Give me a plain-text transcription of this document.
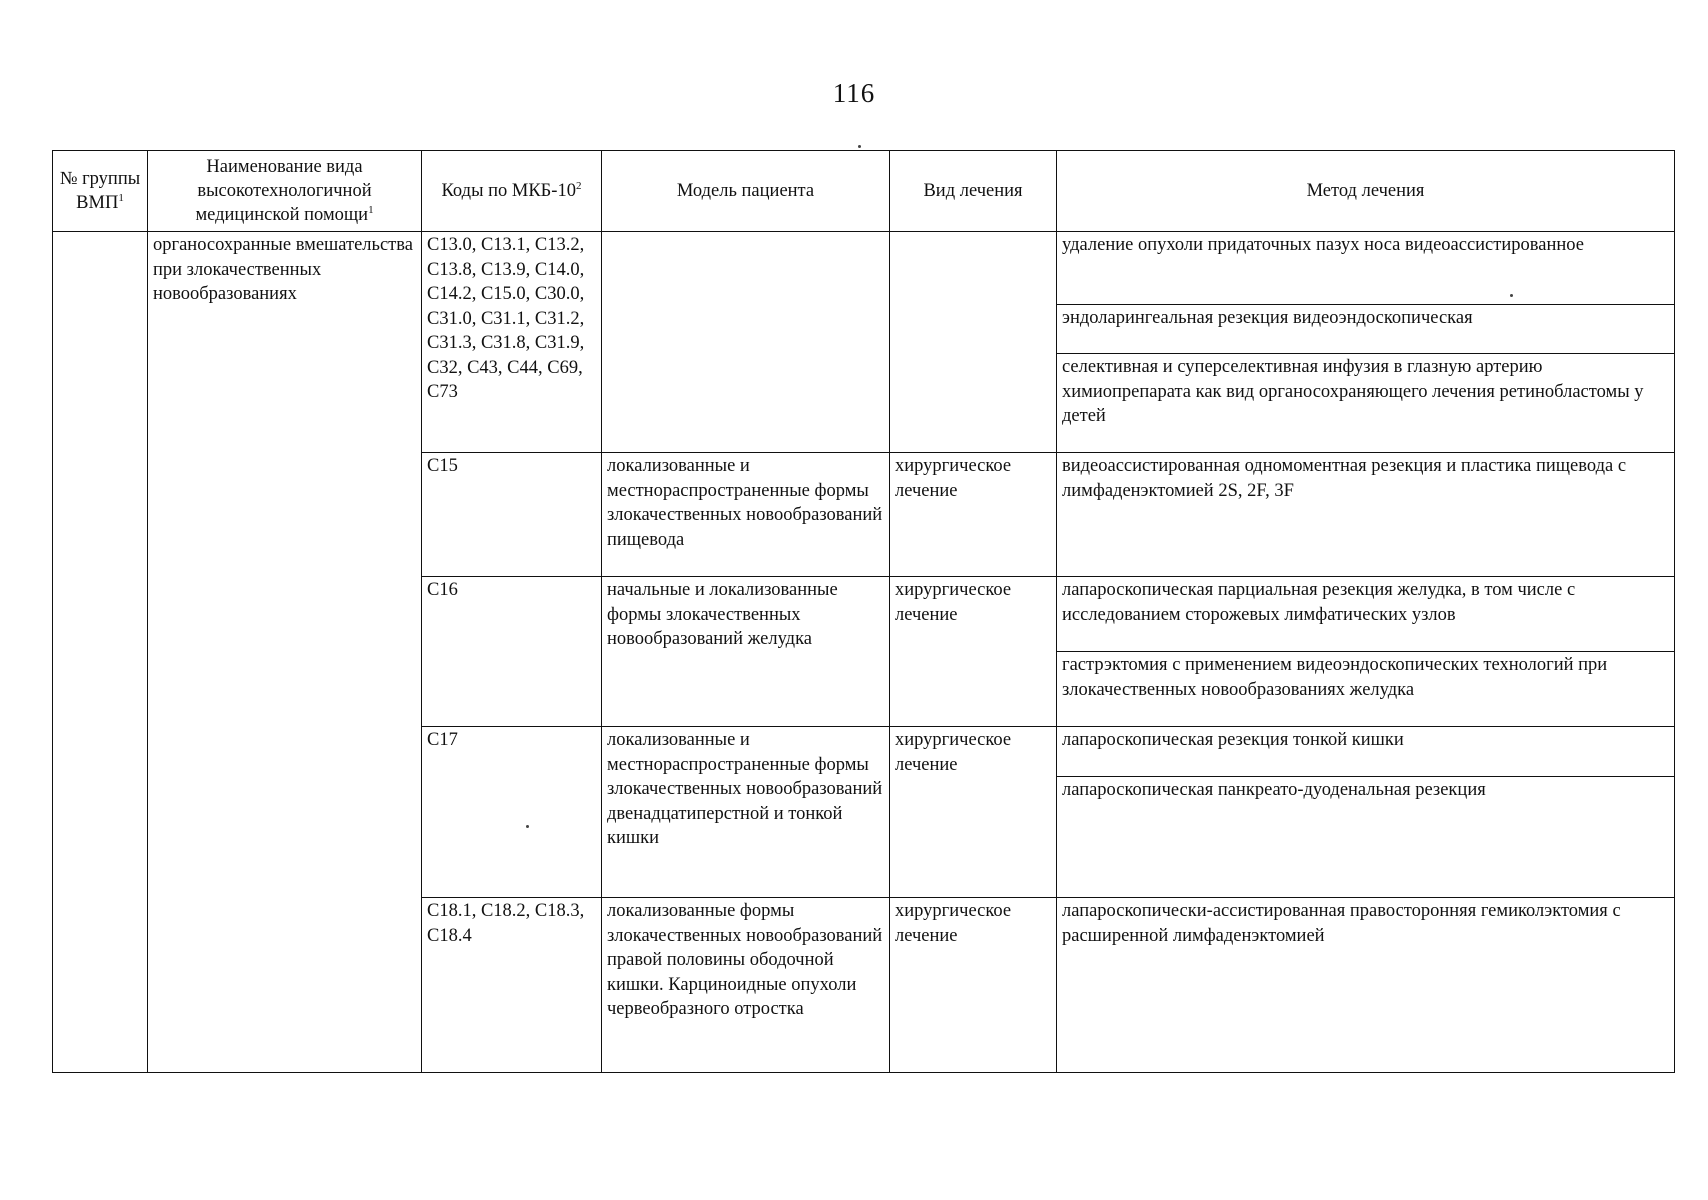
116
№ группы ВМП$^1$	Наименование вида высокотехнологичной медицинской помощи$^1$	Коды по МКБ-$10^2$	Модель пациента	Вид лечения	Метод лечения
	органосохранные вмешательства при злокачественных новообразованиях	С13.0, С13.1, С13.2, С13.8, С13.9, С14.0, С14.2, С15.0, С30.0, С31.0, С31.1, С31.2, С31.3, С31.8, С31.9, С32, С43, С44, С69, С73			удаление опухоли придаточных пазух носа видеоассистированное
эндоларингеальная резекция видеоэндоскопическая
селективная и суперселективная инфузия в глазную артерию химиопрепарата как вид органосохраняющего лечения ретинобластомы у детей

		С15	локализованные и местнораспространенные формы злокачественных новообразований пищевода	хирургическое лечение	видеоассистированная одномоментная резекция и пластика пищевода с лимфаденэктомией 2S, 2F, 3F

		С16	начальные и локализованные формы злокачественных новообразований желудка	хирургическое лечение	лапароскопическая парциальная резекция желудка, в том числе с исследованием сторожевых лимфатических узлов
гастрэктомия с применением видеоэндоскопических технологий при злокачественных новообразованиях желудка

		С17	локализованные и местнораспространенные формы злокачественных новообразований двенадцатиперстной и тонкой кишки	хирургическое лечение	лапароскопическая резекция тонкой кишки
лапароскопическая панкреато-дуоденальная резекция

		С18.1, С18.2, С18.3, С18.4	локализованные формы злокачественных новообразований правой половины ободочной кишки. Карциноидные опухоли червеобразного отростка	хирургическое лечение	лапароскопически-ассистированная правосторонняя гемиколэктомия с расширенной лимфаденэктомией
